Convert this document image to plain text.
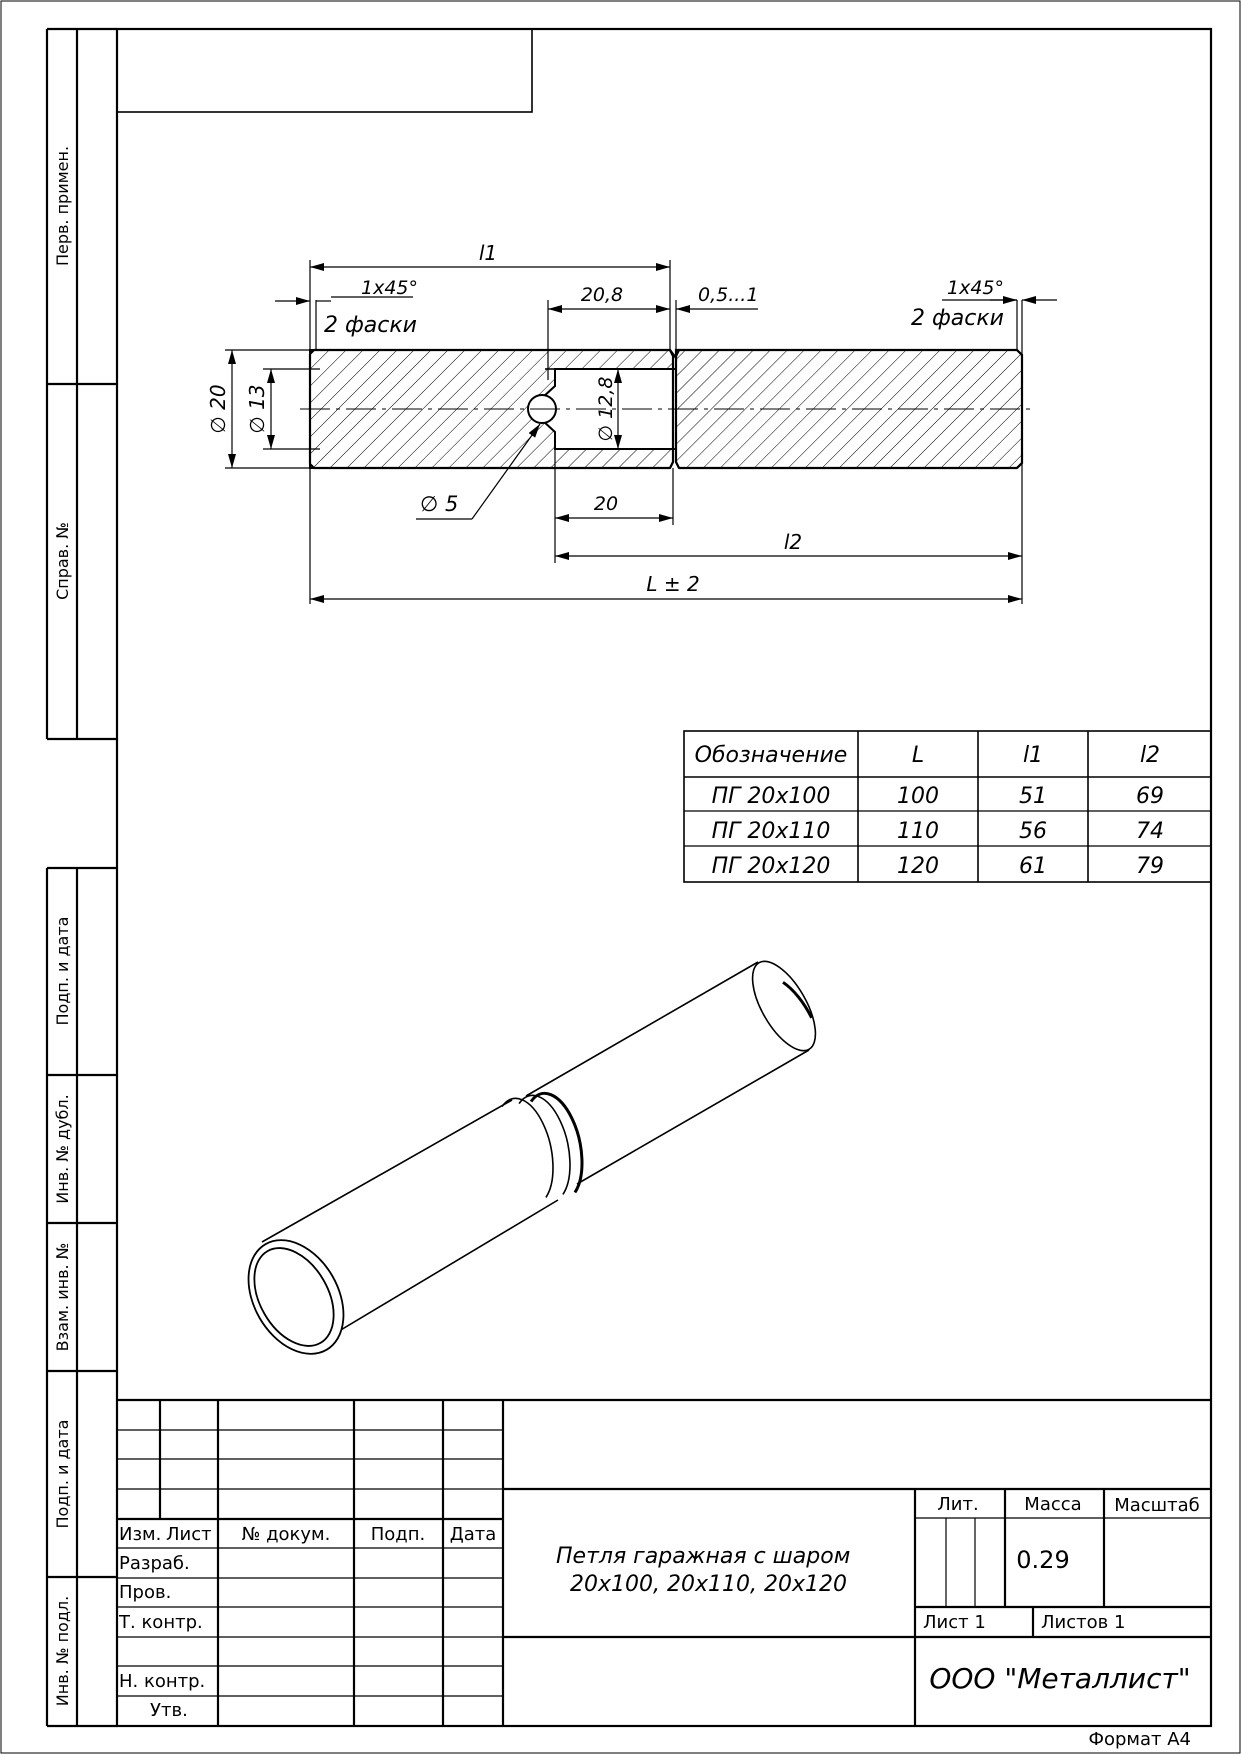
Перв. примен.
Справ. №
Подп. и дата
Инв. № дубл.
Взам. инв. №
Подп. и дата
Инв. № подл.
l1
1x45°
2 фаски
20,8	0,5...1	1x45°
2 фаски
∅ 20 ∅ 13	∅ 12,8
∅ 5	20
l2
L ± 2
Обозначение	L	l1	l2
ПГ 20х100	100	51	69
ПГ 20х110	110	56	74
ПГ 20х120	120	61	79
Изм. Лист № докум. Подп. Дата
Разраб.
Пров.
Т. контр.
Н. контр.
Утв.
Петля гаражная с шаром
20х100, 20х110, 20х120
Лит.	Масса Масштаб
0.29
Лист 1	Листов 1
ООО "Металлист"
Формат А4
